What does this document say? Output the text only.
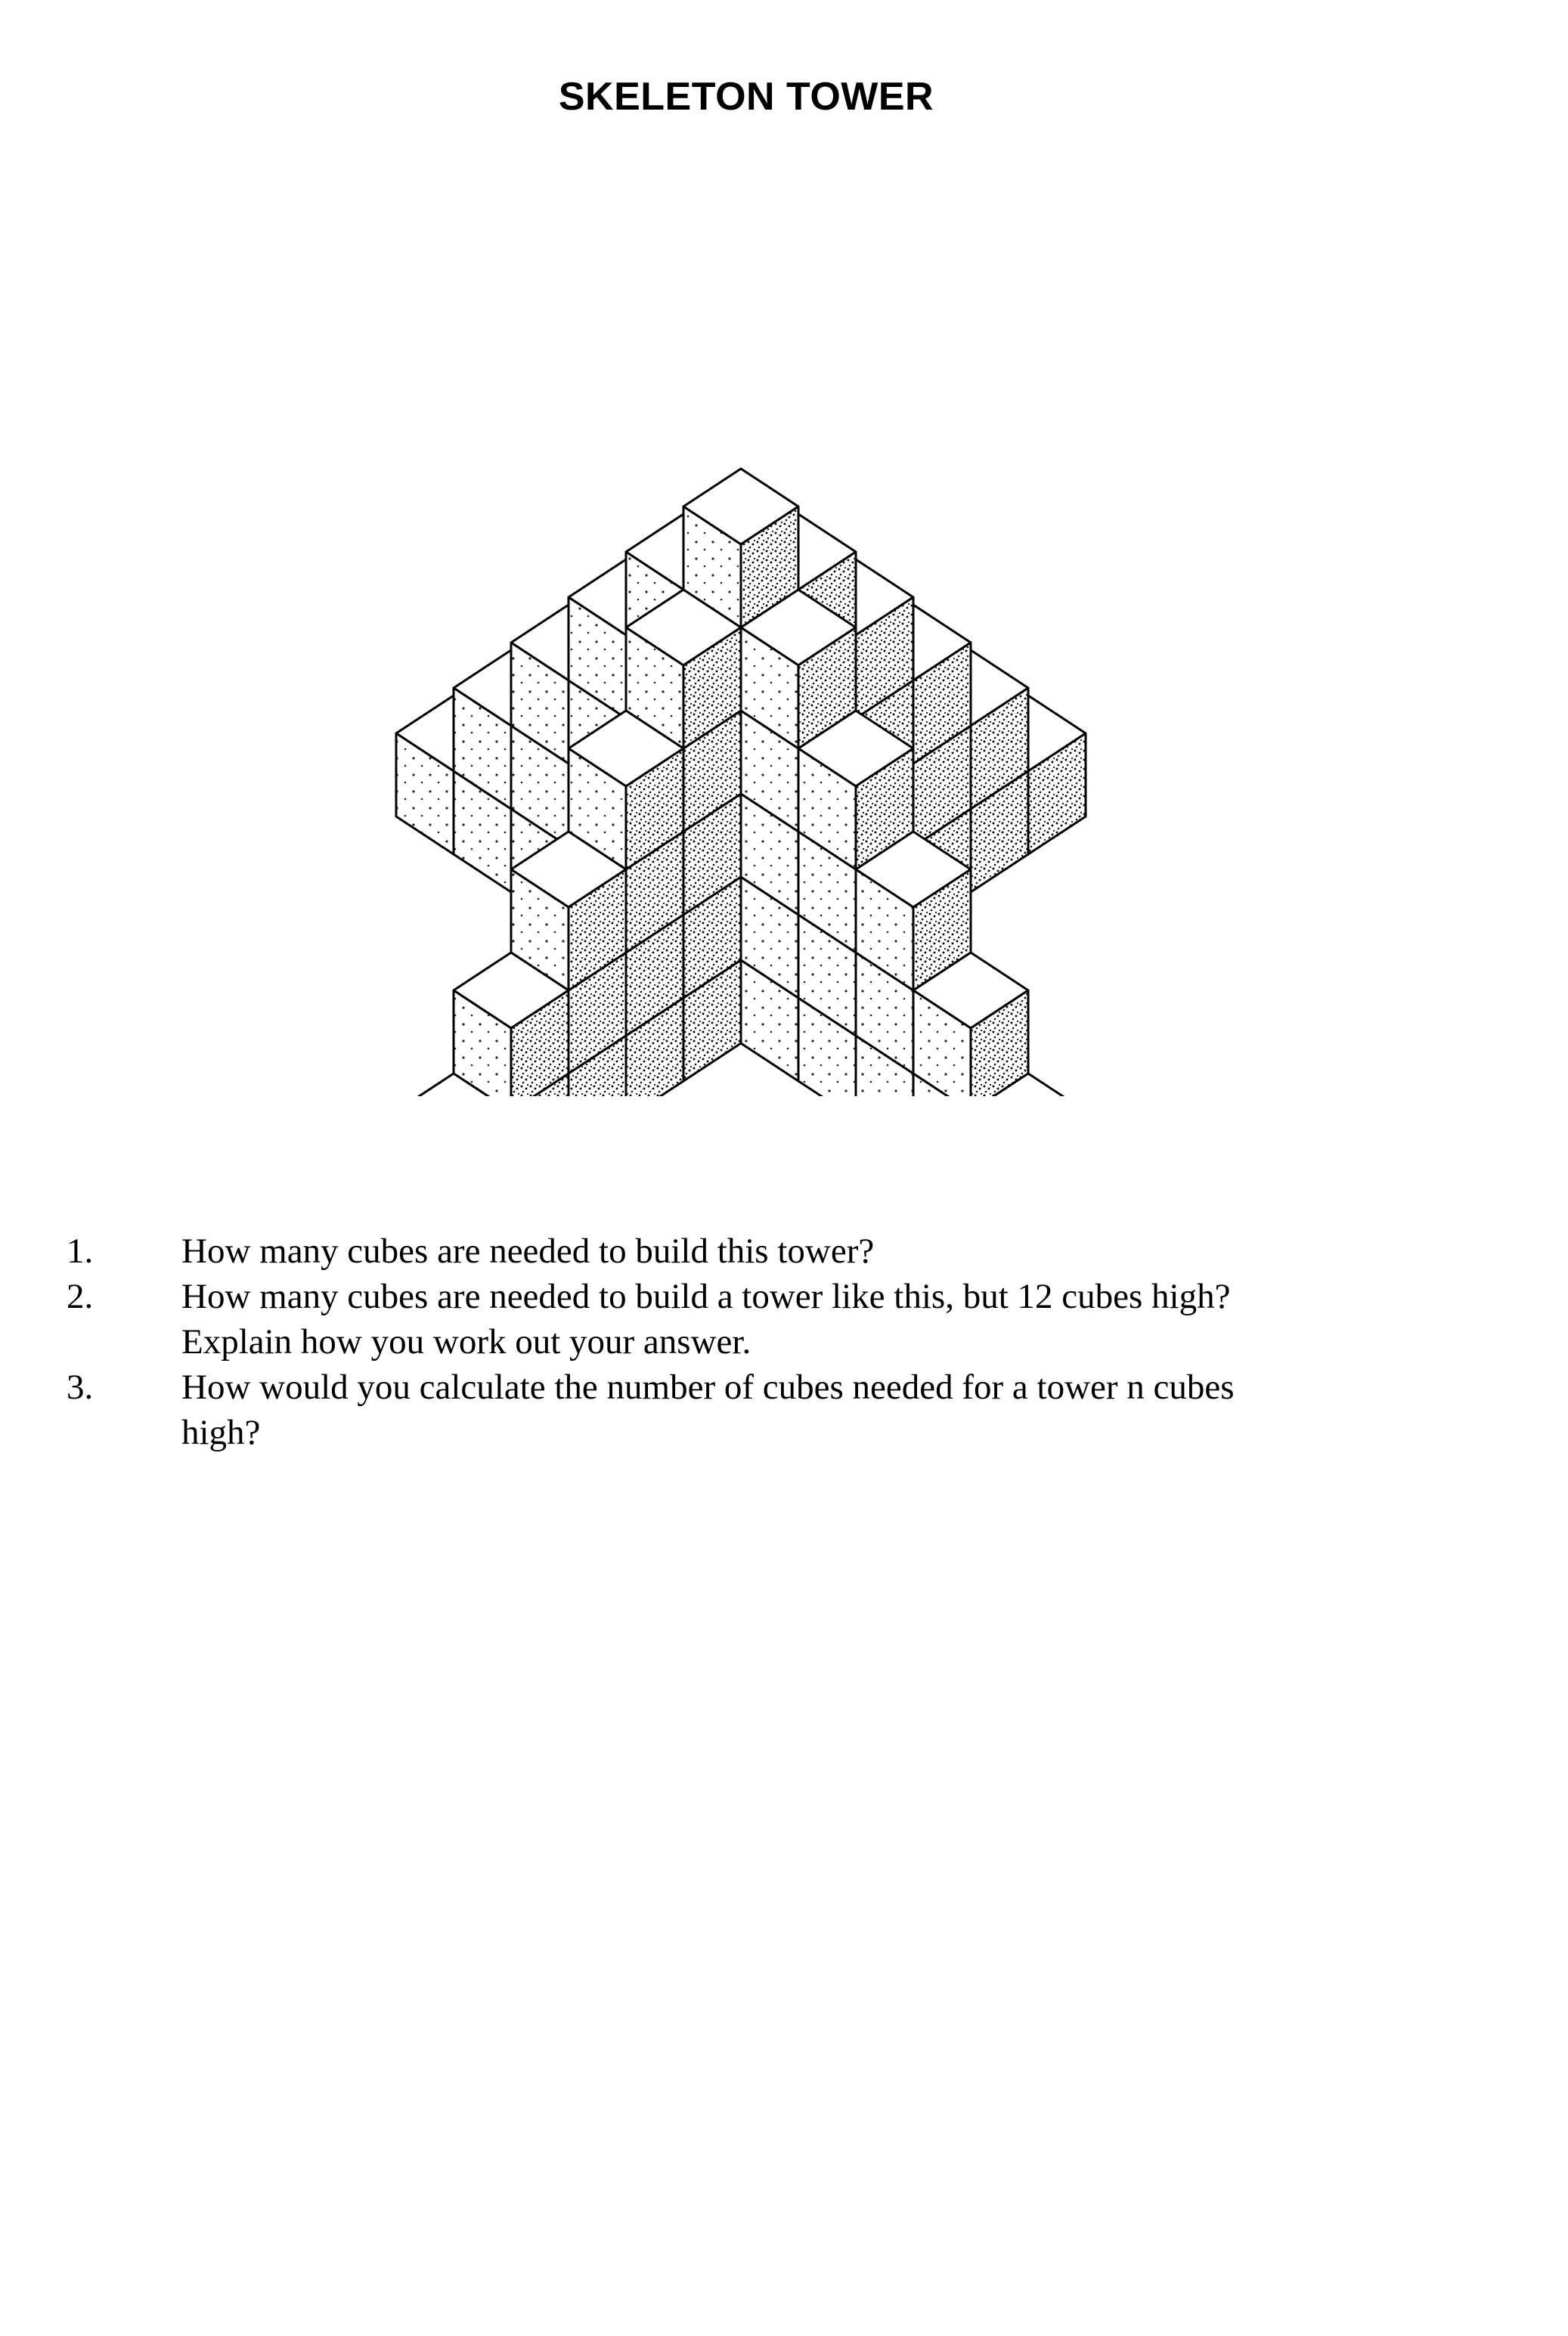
SKELETON TOWER
1.	How many cubes are needed to build this tower?
2.	How many cubes are needed to build a tower like this, but 12 cubes high?
Explain how you work out your answer.
3.	How would you calculate the number of cubes needed for a tower n cubes
high?
